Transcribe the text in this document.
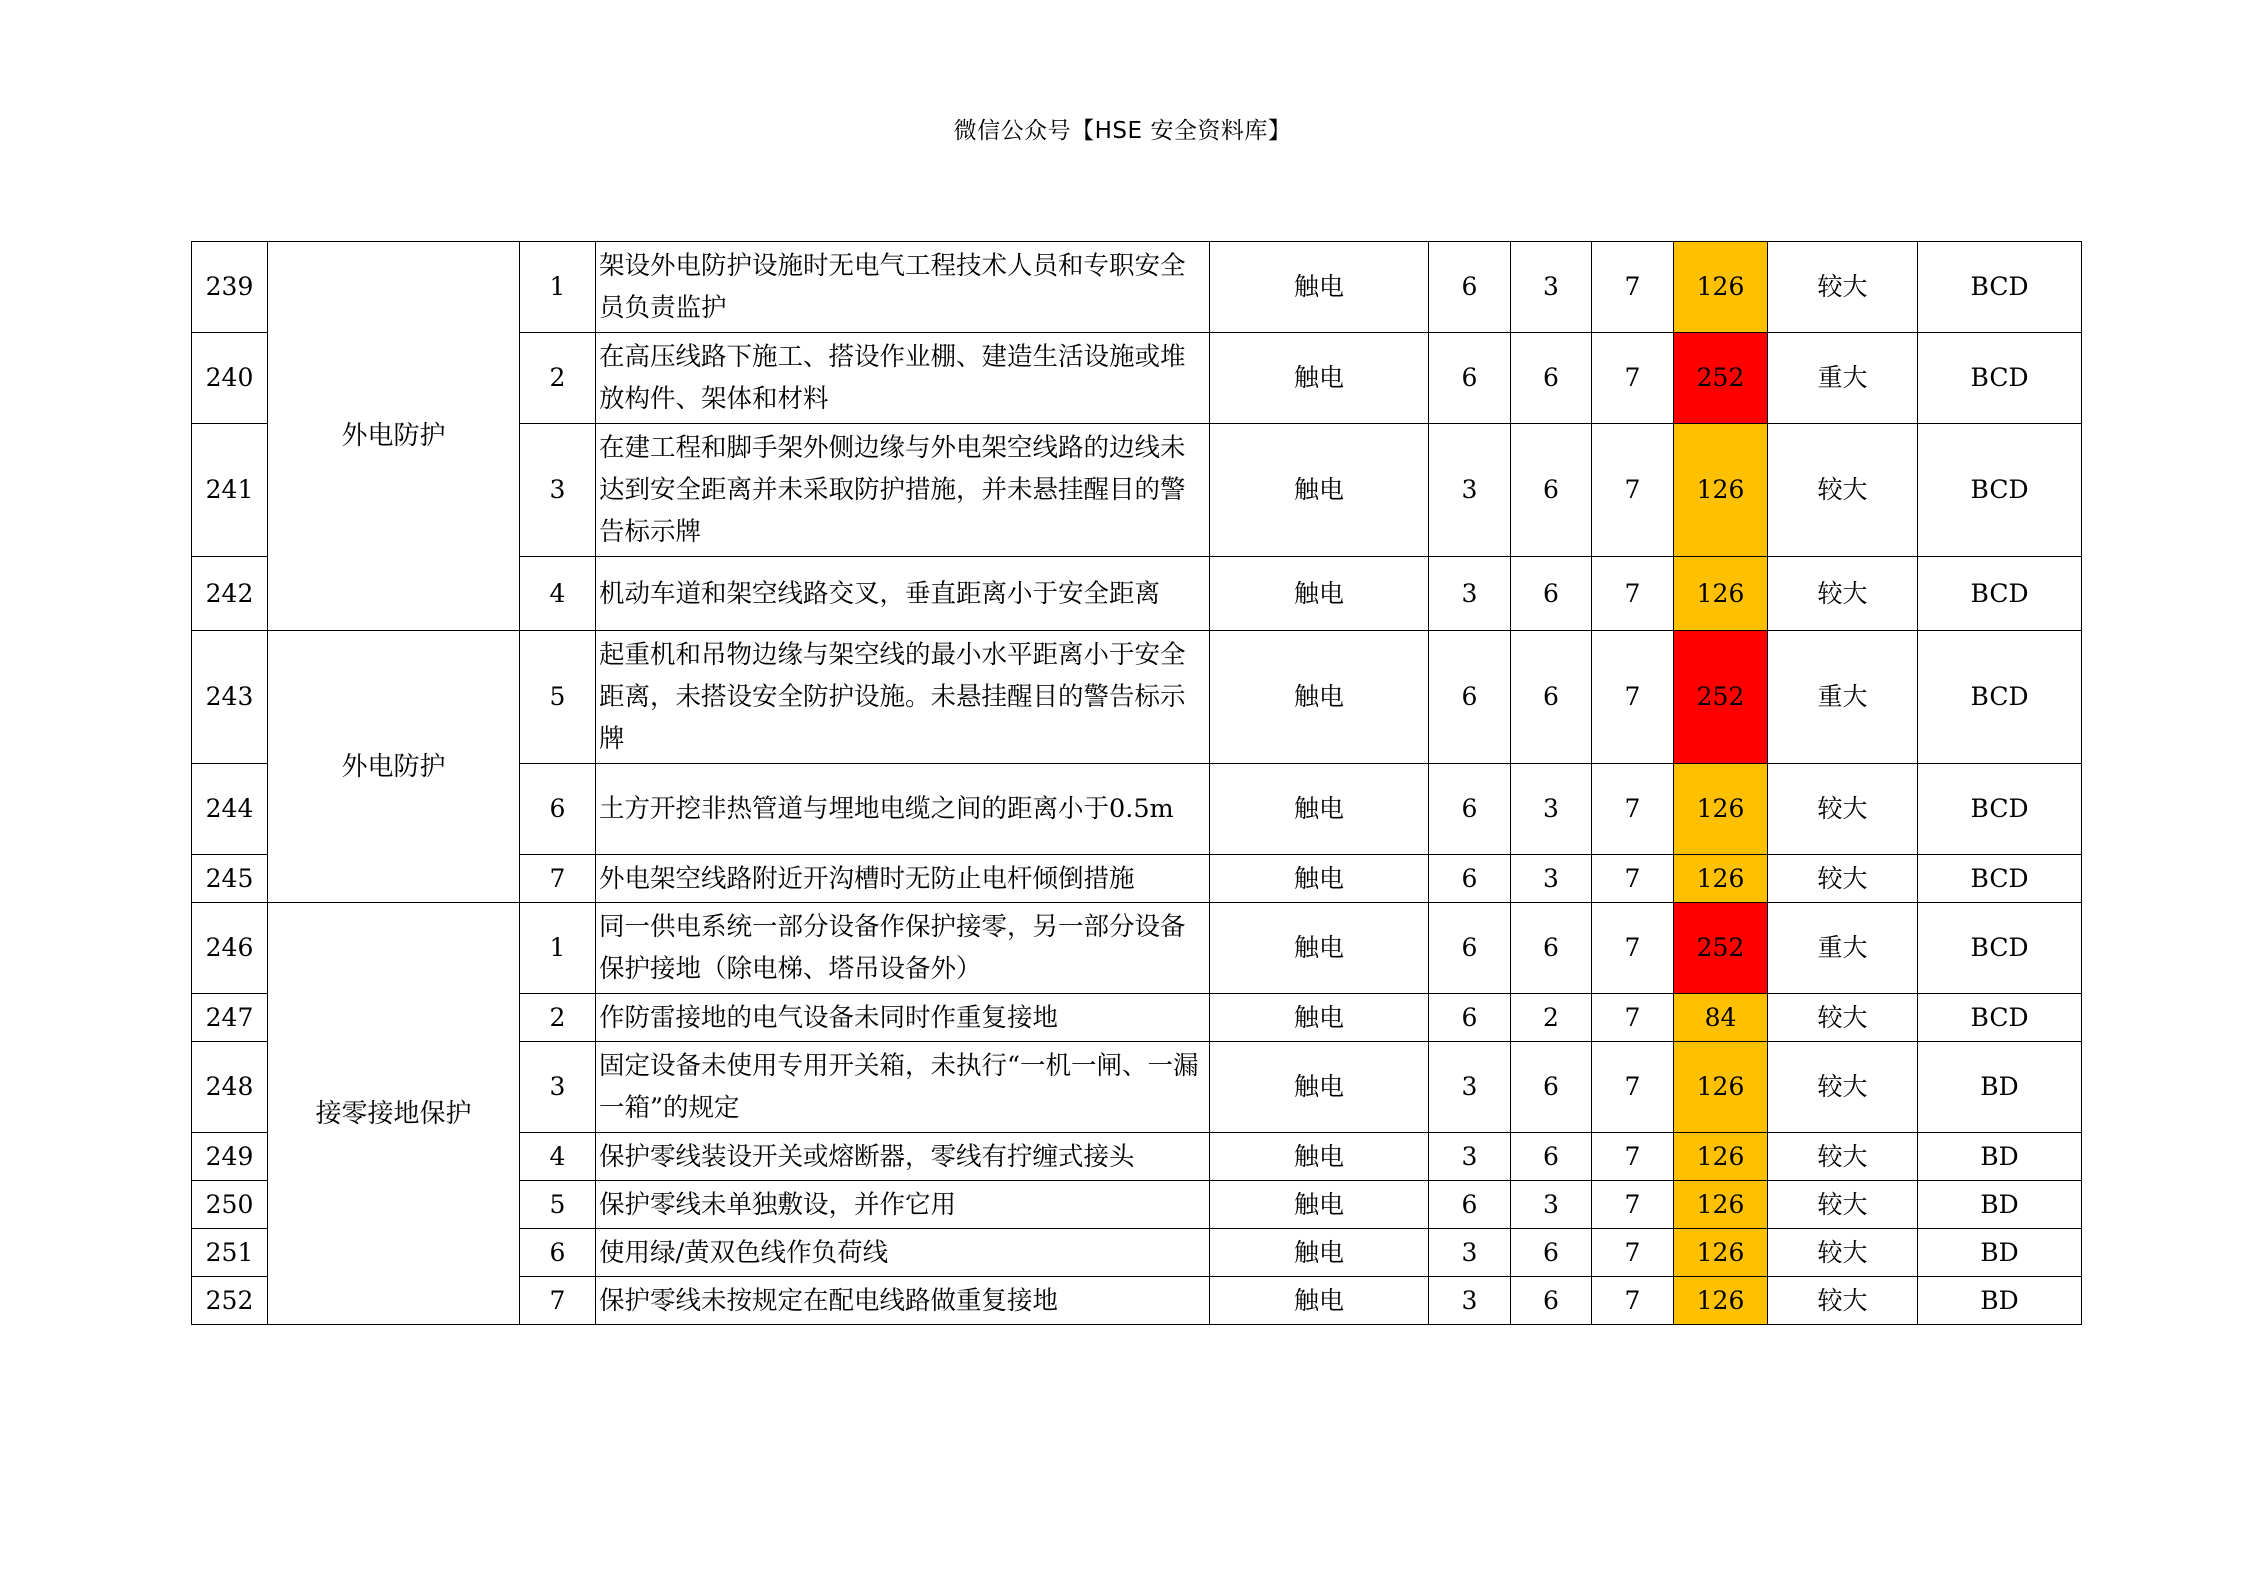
微信公众号【HSE 安全资料库】
239	外电防护	1	架设外电防护设施时无电气工程技术人员和专职安全员负责监护	触电	6	3	7	126	较大	BCD
240		2	在高压线路下施工、搭设作业棚、建造生活设施或堆放构件、架体和材料	触电	6	6	7	252	重大	BCD
241		3	在建工程和脚手架外侧边缘与外电架空线路的边线未达到安全距离并未采取防护措施，并未悬挂醒目的警告标示牌	触电	3	6	7	126	较大	BCD
242		4	机动车道和架空线路交叉，垂直距离小于安全距离	触电	3	6	7	126	较大	BCD
243	外电防护	5	起重机和吊物边缘与架空线的最小水平距离小于安全距离，未搭设安全防护设施。未悬挂醒目的警告标示牌	触电	6	6	7	252	重大	BCD
244		6	土方开挖非热管道与埋地电缆之间的距离小于0.5m	触电	6	3	7	126	较大	BCD
245		7	外电架空线路附近开沟槽时无防止电杆倾倒措施	触电	6	3	7	126	较大	BCD
246	接零接地保护	1	同一供电系统一部分设备作保护接零，另一部分设备保护接地（除电梯、塔吊设备外）	触电	6	6	7	252	重大	BCD
247		2	作防雷接地的电气设备未同时作重复接地	触电	6	2	7	84	较大	BCD
248		3	固定设备未使用专用开关箱，未执行“一机一闸、一漏一箱”的规定	触电	3	6	7	126	较大	BD
249		4	保护零线装设开关或熔断器，零线有拧缠式接头	触电	3	6	7	126	较大	BD
250		5	保护零线未单独敷设，并作它用	触电	6	3	7	126	较大	BD
251		6	使用绿/黄双色线作负荷线	触电	3	6	7	126	较大	BD
252		7	保护零线未按规定在配电线路做重复接地	触电	3	6	7	126	较大	BD
